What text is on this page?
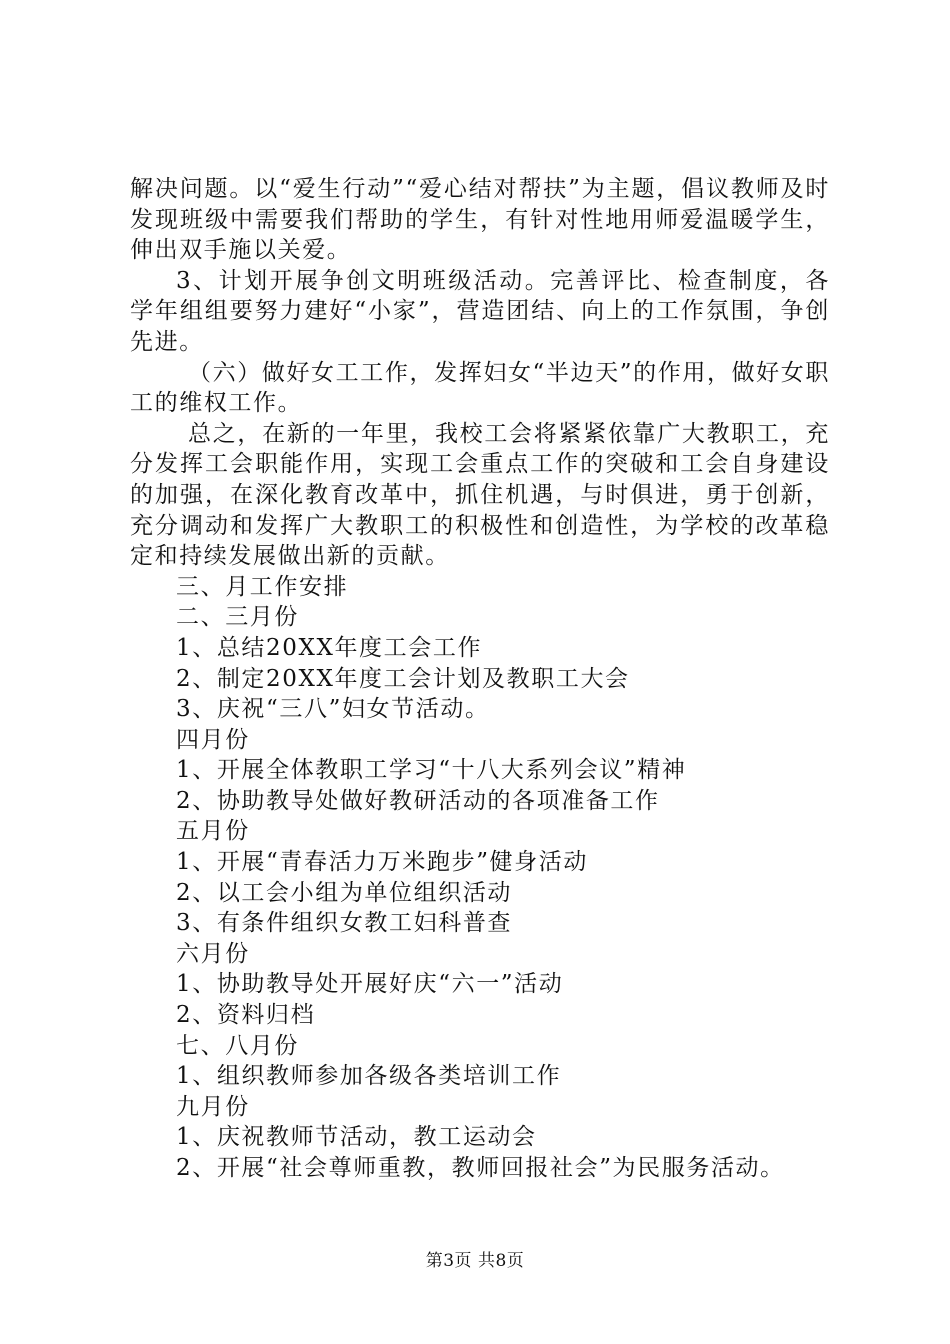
解决问题。以“爱生行动”“爱心结对帮扶”为主题，倡议教师及时发现班级中需要我们帮助的学生，有针对性地用师爱温暖学生，伸出双手施以关爱。

3、计划开展争创文明班级活动。完善评比、检查制度，各学年组组要努力建好“小家”，营造团结、向上的工作氛围，争创先进。

（六）做好女工工作，发挥妇女“半边天”的作用，做好女职工的维权工作。

总之，在新的一年里，我校工会将紧紧依靠广大教职工，充分发挥工会职能作用，实现工会重点工作的突破和工会自身建设的加强，在深化教育改革中，抓住机遇，与时俱进，勇于创新，充分调动和发挥广大教职工的积极性和创造性，为学校的改革稳定和持续发展做出新的贡献。

三、月工作安排

二、三月份

1、总结20XX年度工会工作

2、制定20XX年度工会计划及教职工大会

3、庆祝“三八”妇女节活动。

四月份

1、开展全体教职工学习“十八大系列会议”精神

2、协助教导处做好教研活动的各项准备工作

五月份

1、开展“青春活力万米跑步”健身活动

2、以工会小组为单位组织活动

3、有条件组织女教工妇科普查

六月份

1、协助教导处开展好庆“六一”活动

2、资料归档

七、八月份

1、组织教师参加各级各类培训工作

九月份

1、庆祝教师节活动，教工运动会

2、开展“社会尊师重教，教师回报社会”为民服务活动。

第3页 共8页
